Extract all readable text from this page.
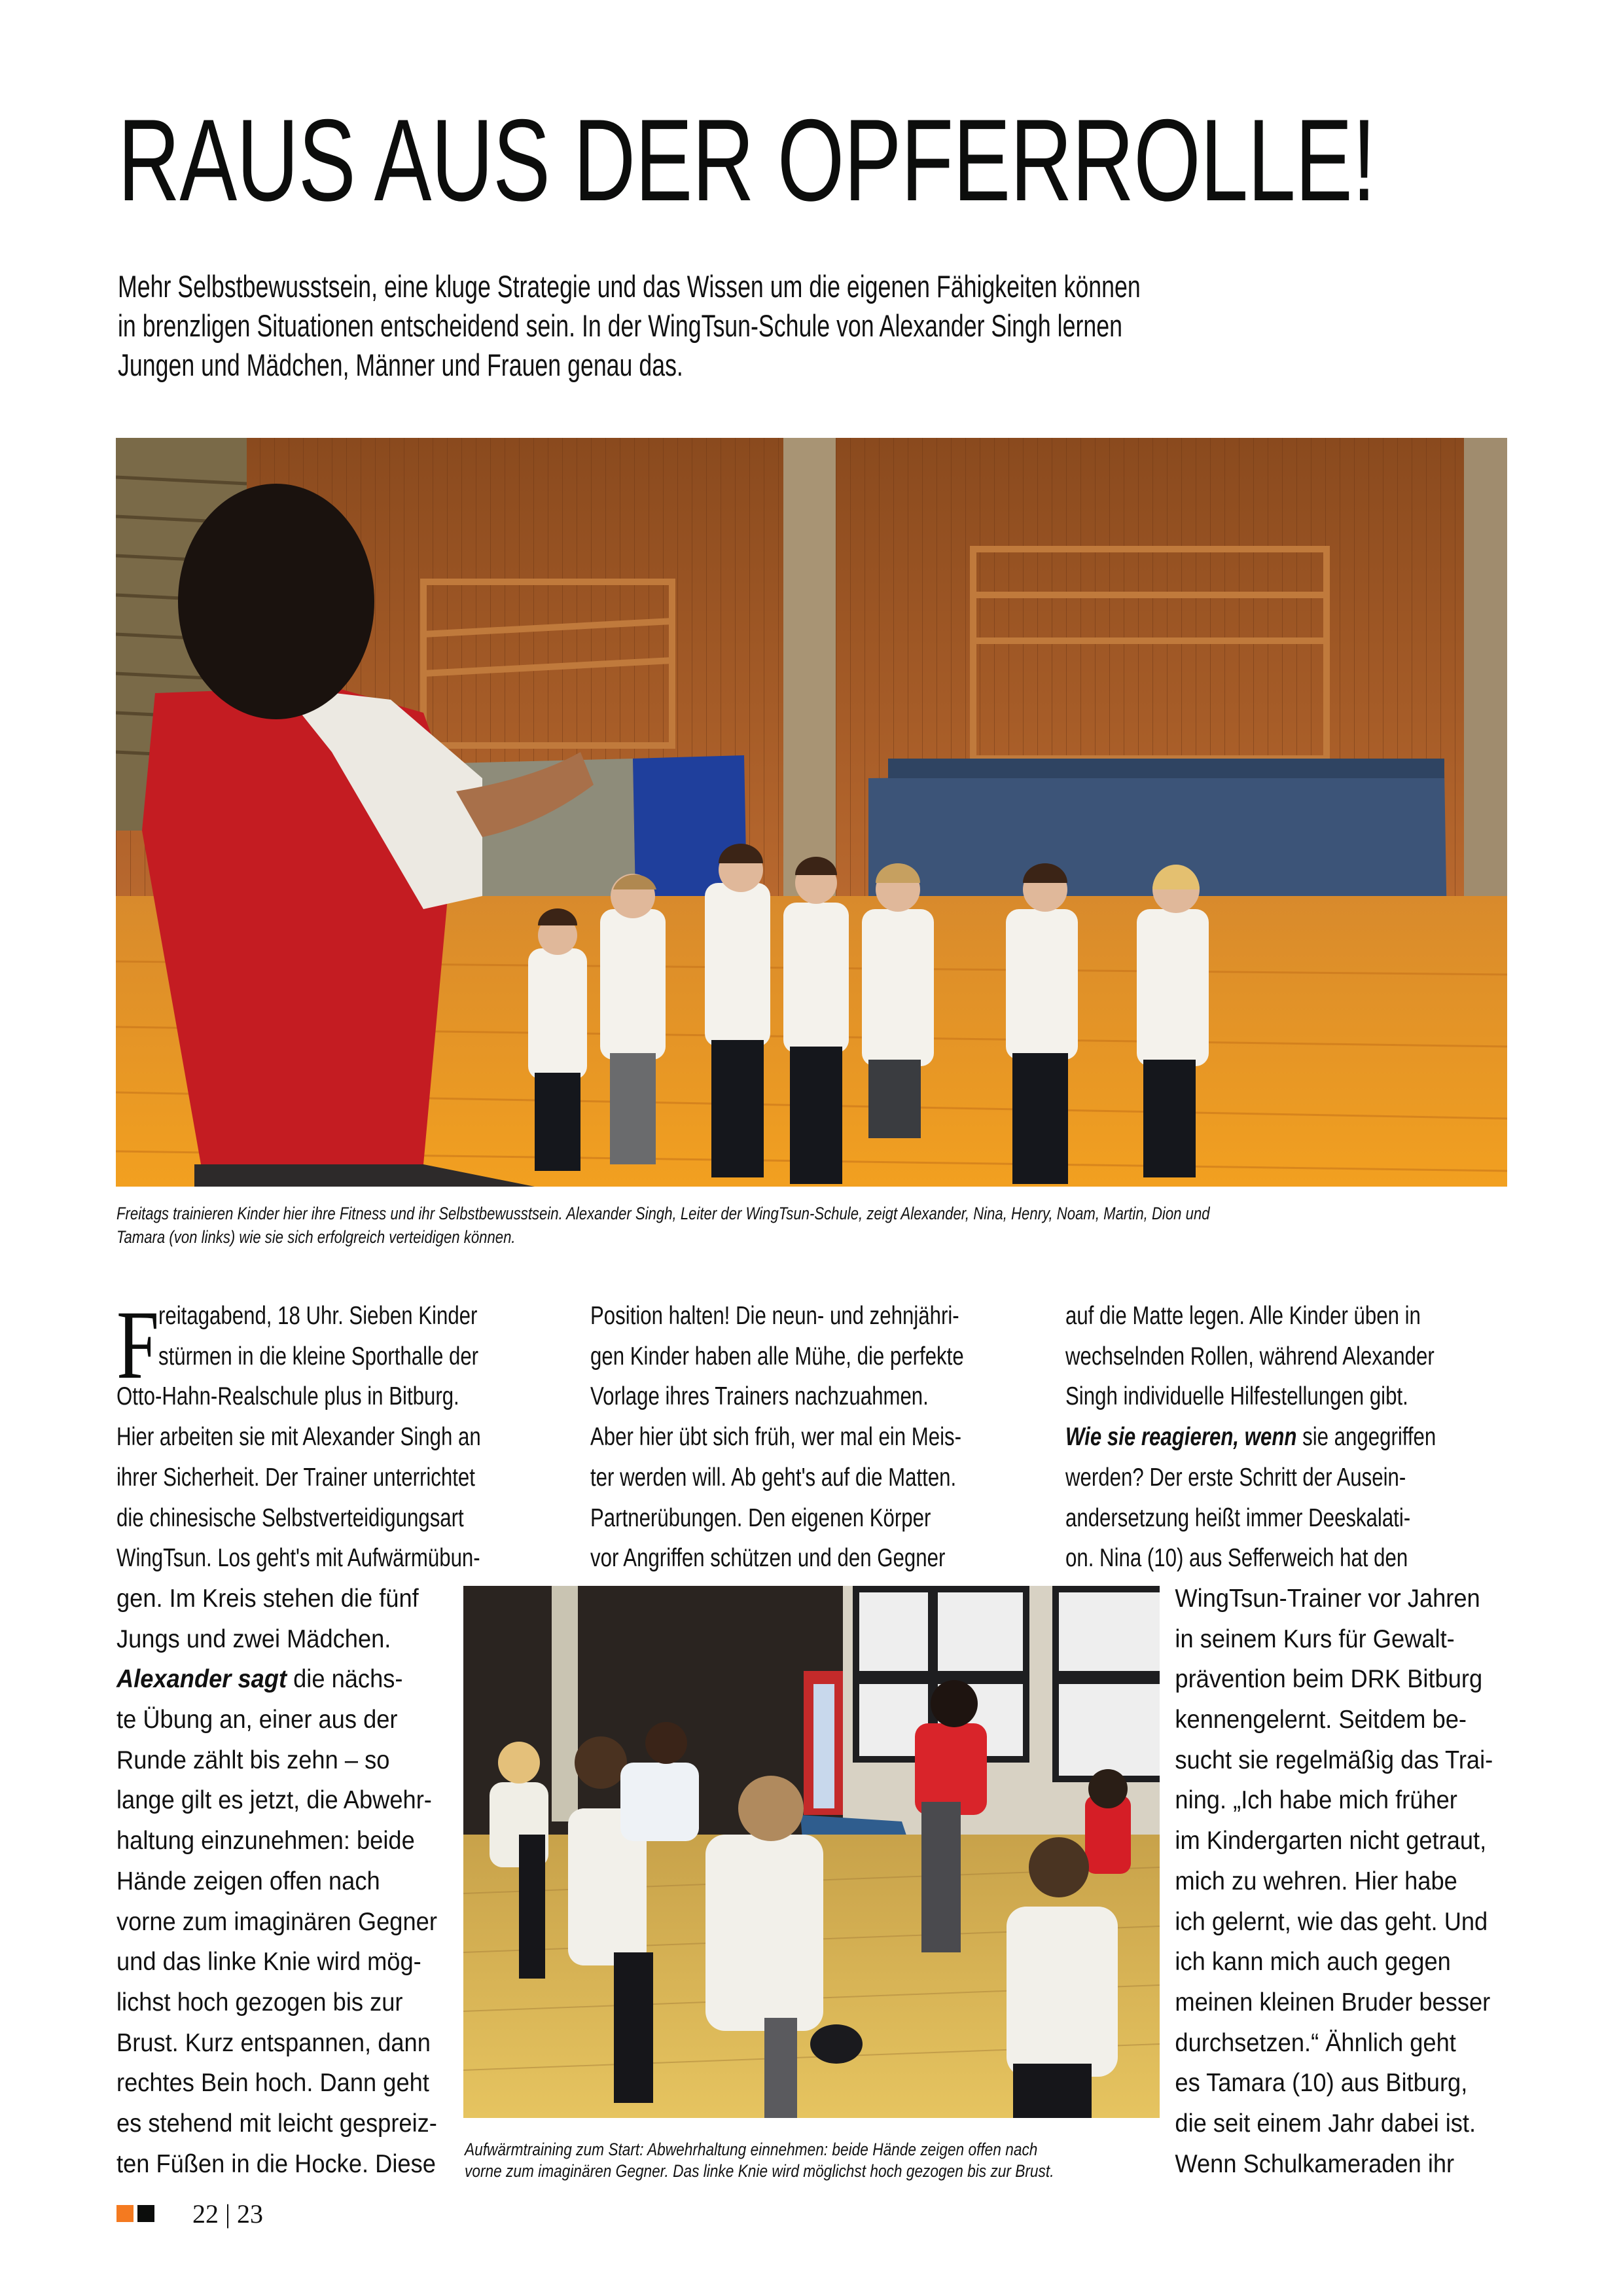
RAUS AUS DER OPFERROLLE!
Mehr Selbstbewusstsein, eine kluge Strategie und das Wissen um die eigenen Fähigkeiten können
in brenzligen Situationen entscheidend sein. In der WingTsun-Schule von Alexander Singh lernen
Jungen und Mädchen, Männer und Frauen genau das.
Freitags trainieren Kinder hier ihre Fitness und ihr Selbstbewusstsein. Alexander Singh, Leiter der WingTsun-Schule, zeigt Alexander, Nina, Henry, Noam, Martin, Dion und
Tamara (von links) wie sie sich erfolgreich verteidigen können.
F
reitagabend, 18 Uhr. Sieben Kinder
stürmen in die kleine Sporthalle der
Otto-Hahn-Realschule plus in Bitburg.
Hier arbeiten sie mit Alexander Singh an
ihrer Sicherheit. Der Trainer unterrichtet
die chinesische Selbstverteidigungsart
WingTsun. Los geht's mit Aufwärmübun-
gen. Im Kreis stehen die fünf
Jungs und zwei Mädchen.
Alexander sagt die nächs-
te Übung an, einer aus der
Runde zählt bis zehn – so
lange gilt es jetzt, die Abwehr-
haltung einzunehmen: beide
Hände zeigen offen nach
vorne zum imaginären Gegner
und das linke Knie wird mög-
lichst hoch gezogen bis zur
Brust. Kurz entspannen, dann
rechtes Bein hoch. Dann geht
es stehend mit leicht gespreiz-
ten Füßen in die Hocke. Diese
Position halten! Die neun- und zehnjähri-
gen Kinder haben alle Mühe, die perfekte
Vorlage ihres Trainers nachzuahmen.
Aber hier übt sich früh, wer mal ein Meis-
ter werden will. Ab geht's auf die Matten.
Partnerübungen. Den eigenen Körper
vor Angriffen schützen und den Gegner
auf die Matte legen. Alle Kinder üben in
wechselnden Rollen, während Alexander
Singh individuelle Hilfestellungen gibt.
Wie sie reagieren, wenn sie angegriffen
werden? Der erste Schritt der Ausein-
andersetzung heißt immer Deeskalati-
on. Nina (10) aus Sefferweich hat den
WingTsun-Trainer vor Jahren
in seinem Kurs für Gewalt-
prävention beim DRK Bitburg
kennengelernt. Seitdem be-
sucht sie regelmäßig das Trai-
ning. „Ich habe mich früher
im Kindergarten nicht getraut,
mich zu wehren. Hier habe
ich gelernt, wie das geht. Und
ich kann mich auch gegen
meinen kleinen Bruder besser
durchsetzen.“ Ähnlich geht
es Tamara (10) aus Bitburg,
die seit einem Jahr dabei ist.
Wenn Schulkameraden ihr
Aufwärmtraining zum Start: Abwehrhaltung einnehmen: beide Hände zeigen offen nach
vorne zum imaginären Gegner. Das linke Knie wird möglichst hoch gezogen bis zur Brust.
22 | 23
